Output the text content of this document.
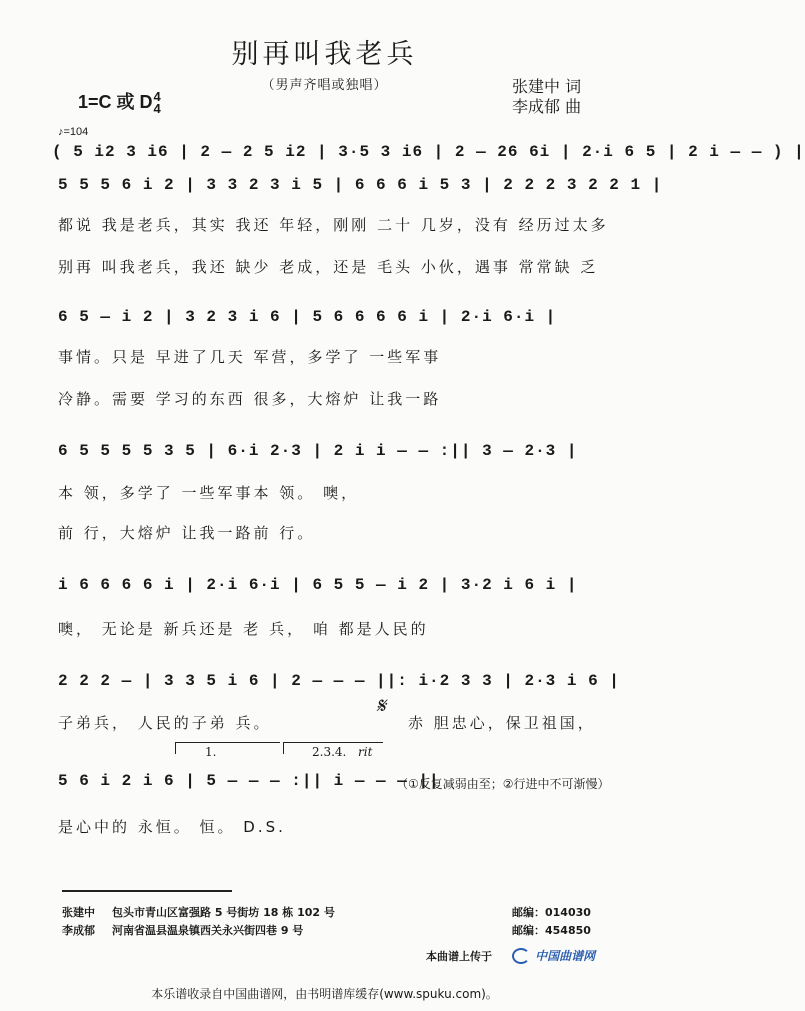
别再叫我老兵
（男声齐唱或独唱）
1=C 或 D 4
4
张建中 词
李成郁 曲
♪=104
( 5 i2 3 i6 | 2 — 2 5 i2 | 3·5 3 i6 | 2 — 26 6i | 2·i 6 5 | 2 i — — ) |
5 5 5 6 i 2 | 3 3 2 3 i 5 | 6 6 6 i 5 3 | 2 2 2 3 2 2 1 |
都说 我是老兵，其实 我还 年轻，刚刚 二十 几岁，没有 经历过太多
别再 叫我老兵，我还 缺少 老成，还是 毛头 小伙，遇事 常常缺 乏
6 5 — i 2 | 3 2 3 i 6 | 5 6 6 6 6 i | 2·i 6·i |
事情。只是 早进了几天 军营，多学了 一些军事
冷静。需要 学习的东西 很多，大熔炉 让我一路
6 5 5 5 5 3 5 | 6·i 2·3 | 2 i i — — :|| 3 — 2·3 |
本 领，多学了 一些军事本 领。 噢，
前 行，大熔炉 让我一路前 行。
i 6 6 6 6 i | 2·i 6·i | 6 5 5 — i 2 | 3·2 i 6 i |
噢， 无论是 新兵还是 老 兵， 咱 都是人民的
2 2 2 — | 3 3 5 i 6 | 2 — — — ||: i·2 3 3 | 2·3 i 6 |
子弟兵， 人民的子弟 兵。
𝄋
赤 胆忠心，保卫祖国，
1.	2.3.4. rit
5 6 i 2 i 6 | 5 — — — :|| i — — — ||
（①反复减弱由至；②行进中不可渐慢）
是心中的 永恒。 恒。 D.S.
张建中 包头市青山区富强路 5 号街坊 18 栋 102 号	邮编：014030
李成郁 河南省温县温泉镇西关永兴街四巷 9 号	邮编：454850
本曲谱上传于	中国曲谱网
本乐谱收录自中国曲谱网，由书明谱库缓存(www.spuku.com)。
